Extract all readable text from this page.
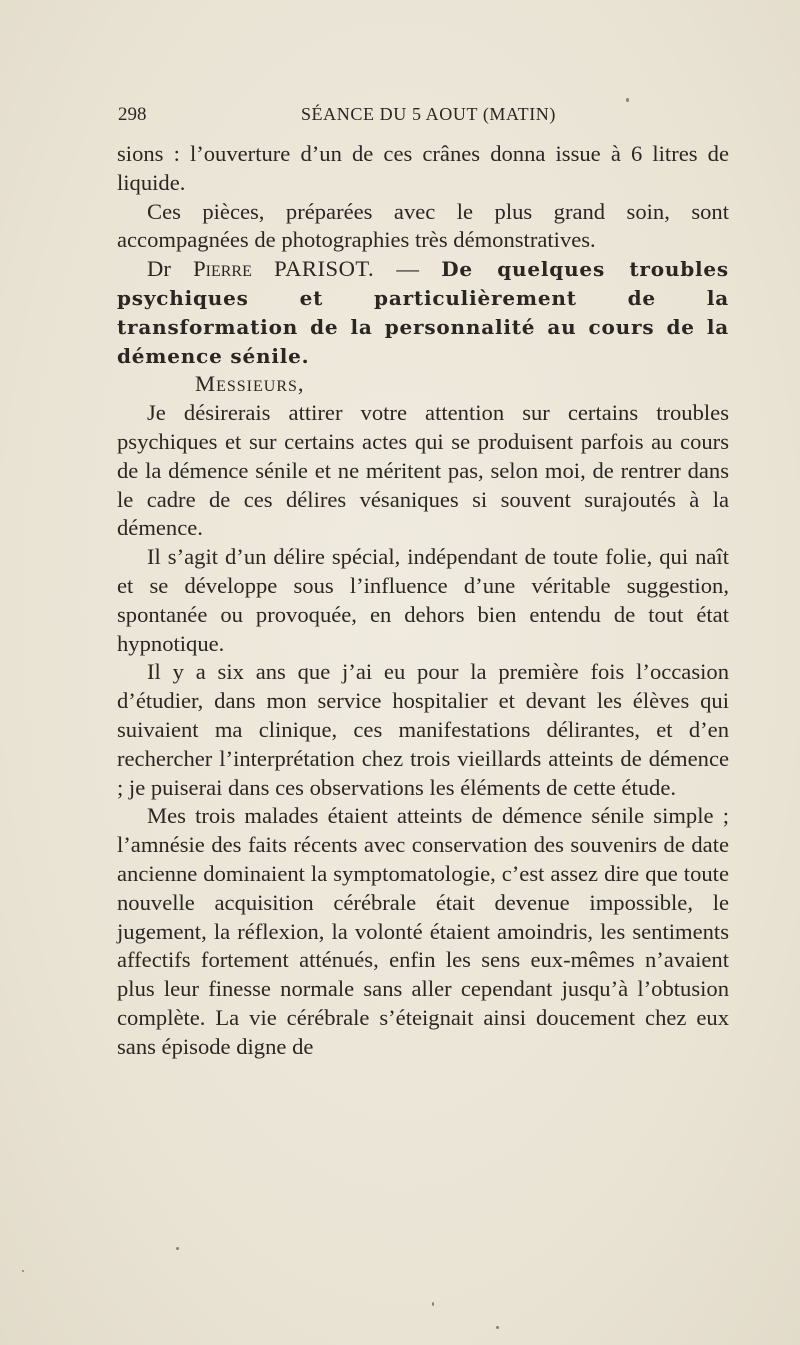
298	SÉANCE DU 5 AOUT (MATIN)

sions : l’ouverture d’un de ces crânes donna issue à 6 litres de liquide.

Ces pièces, préparées avec le plus grand soin, sont accompagnées de photographies très démonstratives.

Dr Pierre PARISOT. — De quelques troubles psychiques et particulièrement de la transformation de la personnalité au cours de la démence sénile.

Messieurs,

Je désirerais attirer votre attention sur certains troubles psychiques et sur certains actes qui se produisent parfois au cours de la démence sénile et ne méritent pas, selon moi, de rentrer dans le cadre de ces délires vésaniques si souvent surajoutés à la démence.

Il s’agit d’un délire spécial, indépendant de toute folie, qui naît et se développe sous l’influence d’une véritable suggestion, spontanée ou provoquée, en dehors bien entendu de tout état hypnotique.

Il y a six ans que j’ai eu pour la première fois l’occasion d’étudier, dans mon service hospitalier et devant les élèves qui suivaient ma clinique, ces manifestations délirantes, et d’en rechercher l’interprétation chez trois vieillards atteints de démence ; je puiserai dans ces observations les éléments de cette étude.

Mes trois malades étaient atteints de démence sénile simple ; l’amnésie des faits récents avec conservation des souvenirs de date ancienne dominaient la symptomatologie, c’est assez dire que toute nouvelle acquisition cérébrale était devenue impossible, le jugement, la réflexion, la volonté étaient amoindris, les sentiments affectifs fortement atténués, enfin les sens eux-mêmes n’avaient plus leur finesse normale sans aller cependant jusqu’à l’obtusion complète. La vie cérébrale s’éteignait ainsi doucement chez eux sans épisode digne de
